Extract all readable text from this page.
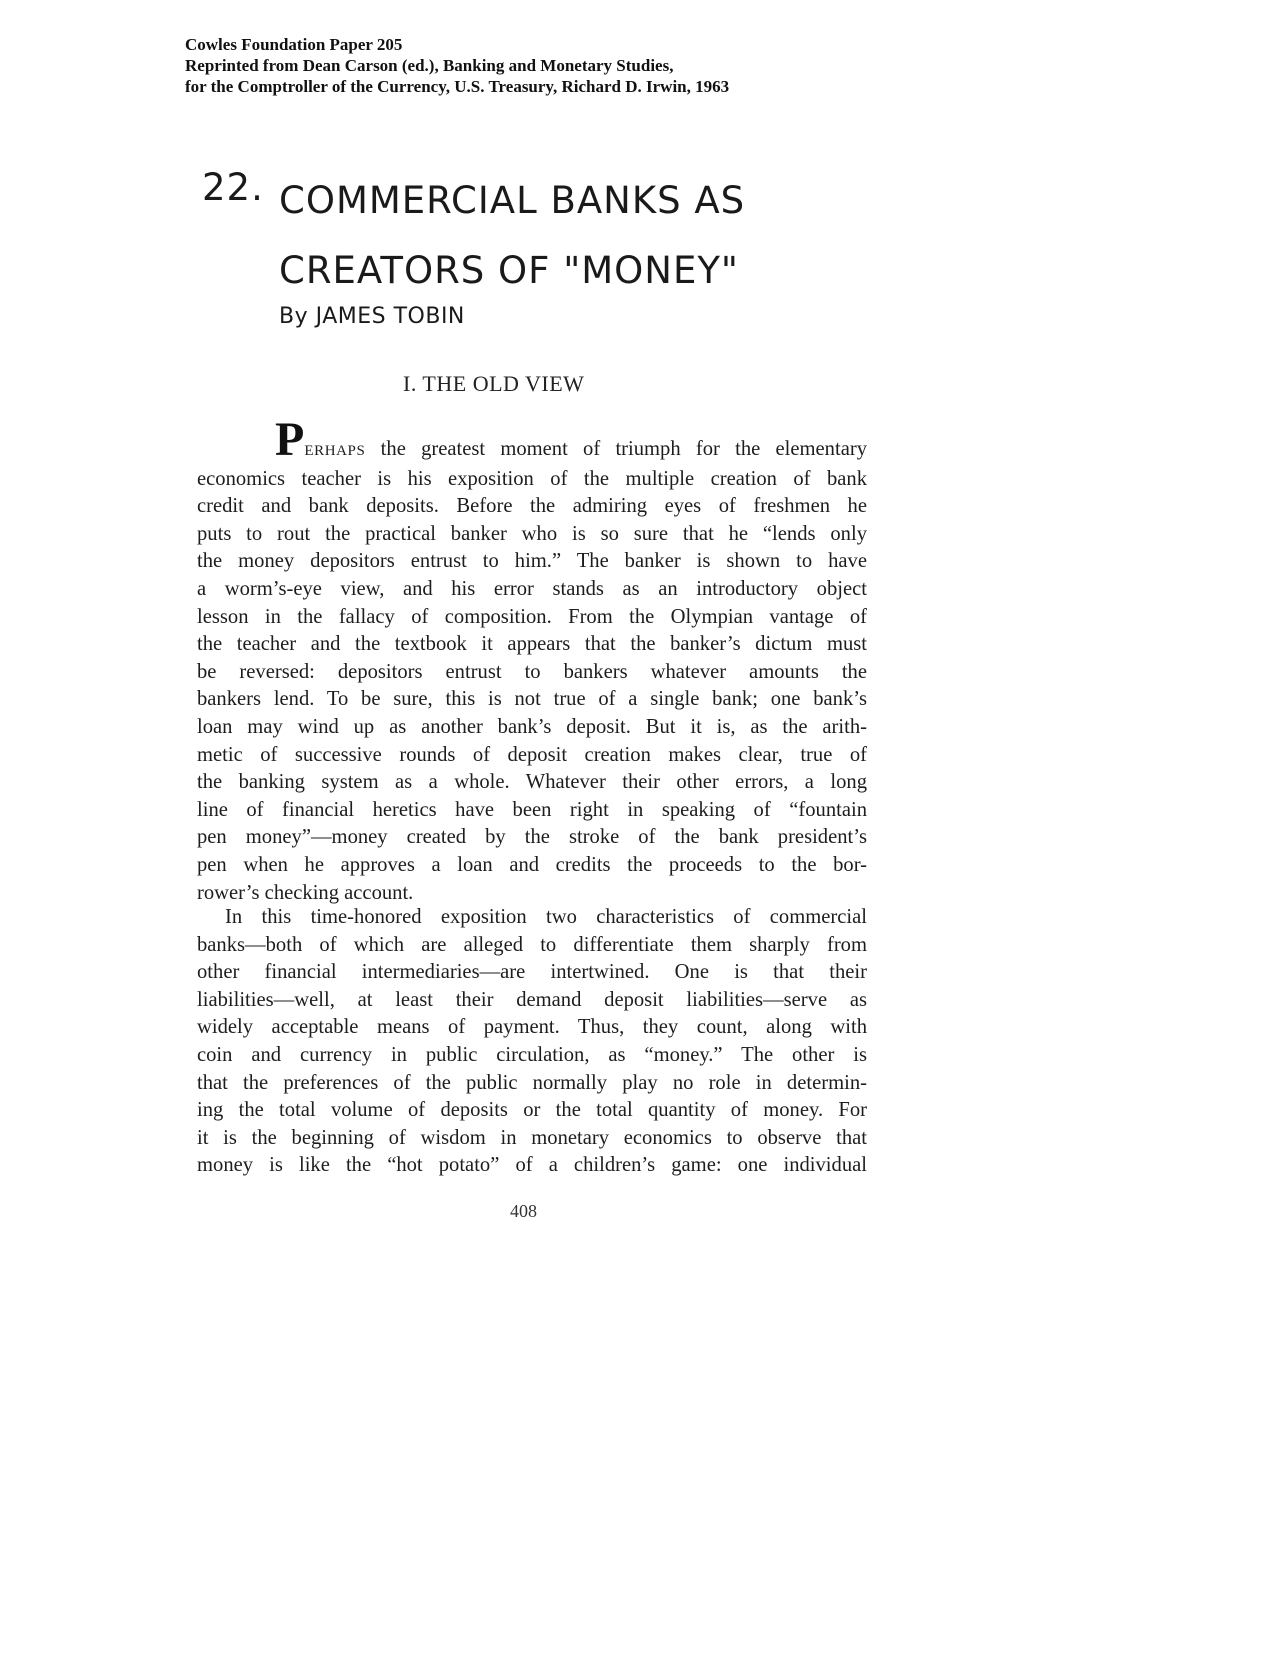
Cowles Foundation Paper 205
Reprinted from Dean Carson (ed.), Banking and Monetary Studies,
for the Comptroller of the Currency, U.S. Treasury, Richard D. Irwin, 1963
22. COMMERCIAL BANKS AS
CREATORS OF "MONEY"
By JAMES TOBIN
I. THE OLD VIEW
PERHAPS the greatest moment of triumph for the elementary
economics teacher is his exposition of the multiple creation of bank
credit and bank deposits. Before the admiring eyes of freshmen he
puts to rout the practical banker who is so sure that he “lends only
the money depositors entrust to him.” The banker is shown to have
a worm’s-eye view, and his error stands as an introductory object
lesson in the fallacy of composition. From the Olympian vantage of
the teacher and the textbook it appears that the banker’s dictum must
be reversed: depositors entrust to bankers whatever amounts the
bankers lend. To be sure, this is not true of a single bank; one bank’s
loan may wind up as another bank’s deposit. But it is, as the arith-
metic of successive rounds of deposit creation makes clear, true of
the banking system as a whole. Whatever their other errors, a long
line of financial heretics have been right in speaking of “fountain
pen money”—money created by the stroke of the bank president’s
pen when he approves a loan and credits the proceeds to the bor-
rower’s checking account.
In this time-honored exposition two characteristics of commercial
banks—both of which are alleged to differentiate them sharply from
other financial intermediaries—are intertwined. One is that their
liabilities—well, at least their demand deposit liabilities—serve as
widely acceptable means of payment. Thus, they count, along with
coin and currency in public circulation, as “money.” The other is
that the preferences of the public normally play no role in determin-
ing the total volume of deposits or the total quantity of money. For
it is the beginning of wisdom in monetary economics to observe that
money is like the “hot potato” of a children’s game: one individual
408
